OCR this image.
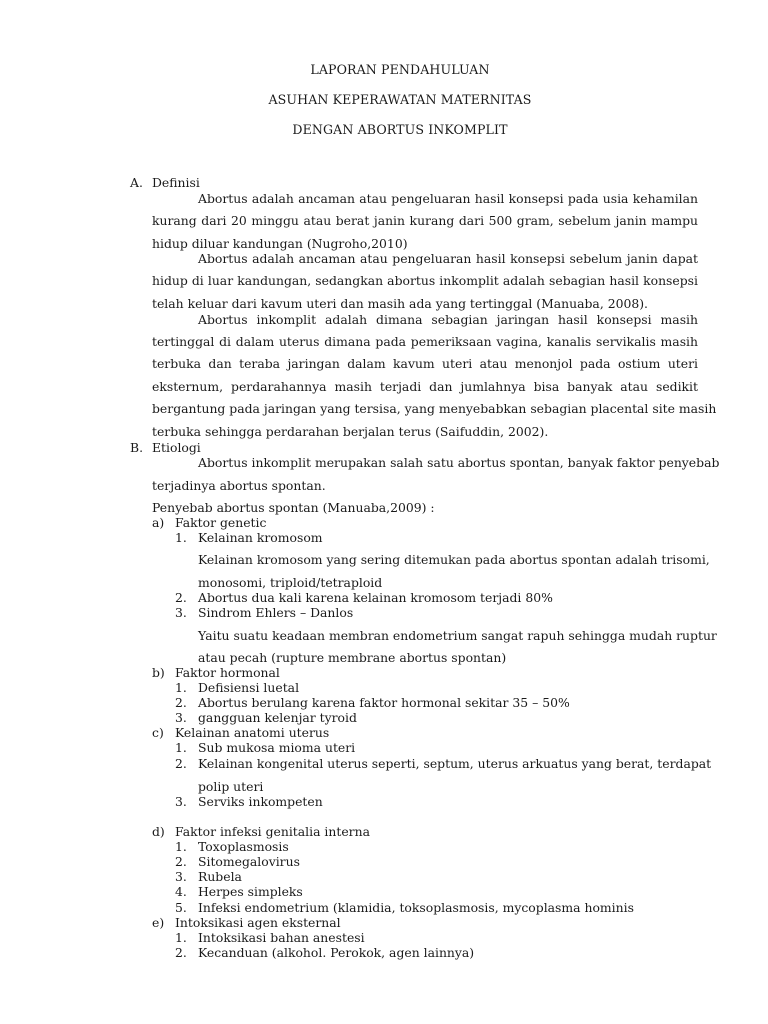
LAPORAN PENDAHULUAN
ASUHAN KEPERAWATAN MATERNITAS
DENGAN ABORTUS INKOMPLIT
A. Definisi
Abortus adalah ancaman atau pengeluaran hasil konsepsi pada usia kehamilan
kurang dari 20 minggu atau berat janin kurang dari 500 gram, sebelum janin mampu
hidup diluar kandungan (Nugroho,2010)
Abortus adalah ancaman atau pengeluaran hasil konsepsi sebelum janin dapat
hidup di luar kandungan, sedangkan abortus inkomplit adalah sebagian hasil konsepsi
telah keluar dari kavum uteri dan masih ada yang tertinggal (Manuaba, 2008).
Abortus inkomplit adalah dimana sebagian jaringan hasil konsepsi masih
tertinggal di dalam uterus dimana pada pemeriksaan vagina, kanalis servikalis masih
terbuka dan teraba jaringan dalam kavum uteri atau menonjol pada ostium uteri
eksternum, perdarahannya masih terjadi dan jumlahnya bisa banyak atau sedikit
bergantung pada jaringan yang tersisa, yang menyebabkan sebagian placental site masih
terbuka sehingga perdarahan berjalan terus (Saifuddin, 2002).
B. Etiologi
Abortus inkomplit merupakan salah satu abortus spontan, banyak faktor penyebab
terjadinya abortus spontan.
Penyebab abortus spontan (Manuaba,2009) :
a) Faktor genetic
1. Kelainan kromosom
Kelainan kromosom yang sering ditemukan pada abortus spontan adalah trisomi,
monosomi, triploid/tetraploid
2. Abortus dua kali karena kelainan kromosom terjadi 80%
3. Sindrom Ehlers – Danlos
Yaitu suatu keadaan membran endometrium sangat rapuh sehingga mudah ruptur
atau pecah (rupture membrane abortus spontan)
b) Faktor hormonal
1. Defisiensi luetal
2. Abortus berulang karena faktor hormonal sekitar 35 – 50%
3. gangguan kelenjar tyroid
c) Kelainan anatomi uterus
1. Sub mukosa mioma uteri
2. Kelainan kongenital uterus seperti, septum, uterus arkuatus yang berat, terdapat
polip uteri
3. Serviks inkompeten
d) Faktor infeksi genitalia interna
1. Toxoplasmosis
2. Sitomegalovirus
3. Rubela
4. Herpes simpleks
5. Infeksi endometrium (klamidia, toksoplasmosis, mycoplasma hominis
e) Intoksikasi agen eksternal
1. Intoksikasi bahan anestesi
2. Kecanduan (alkohol. Perokok, agen lainnya)
